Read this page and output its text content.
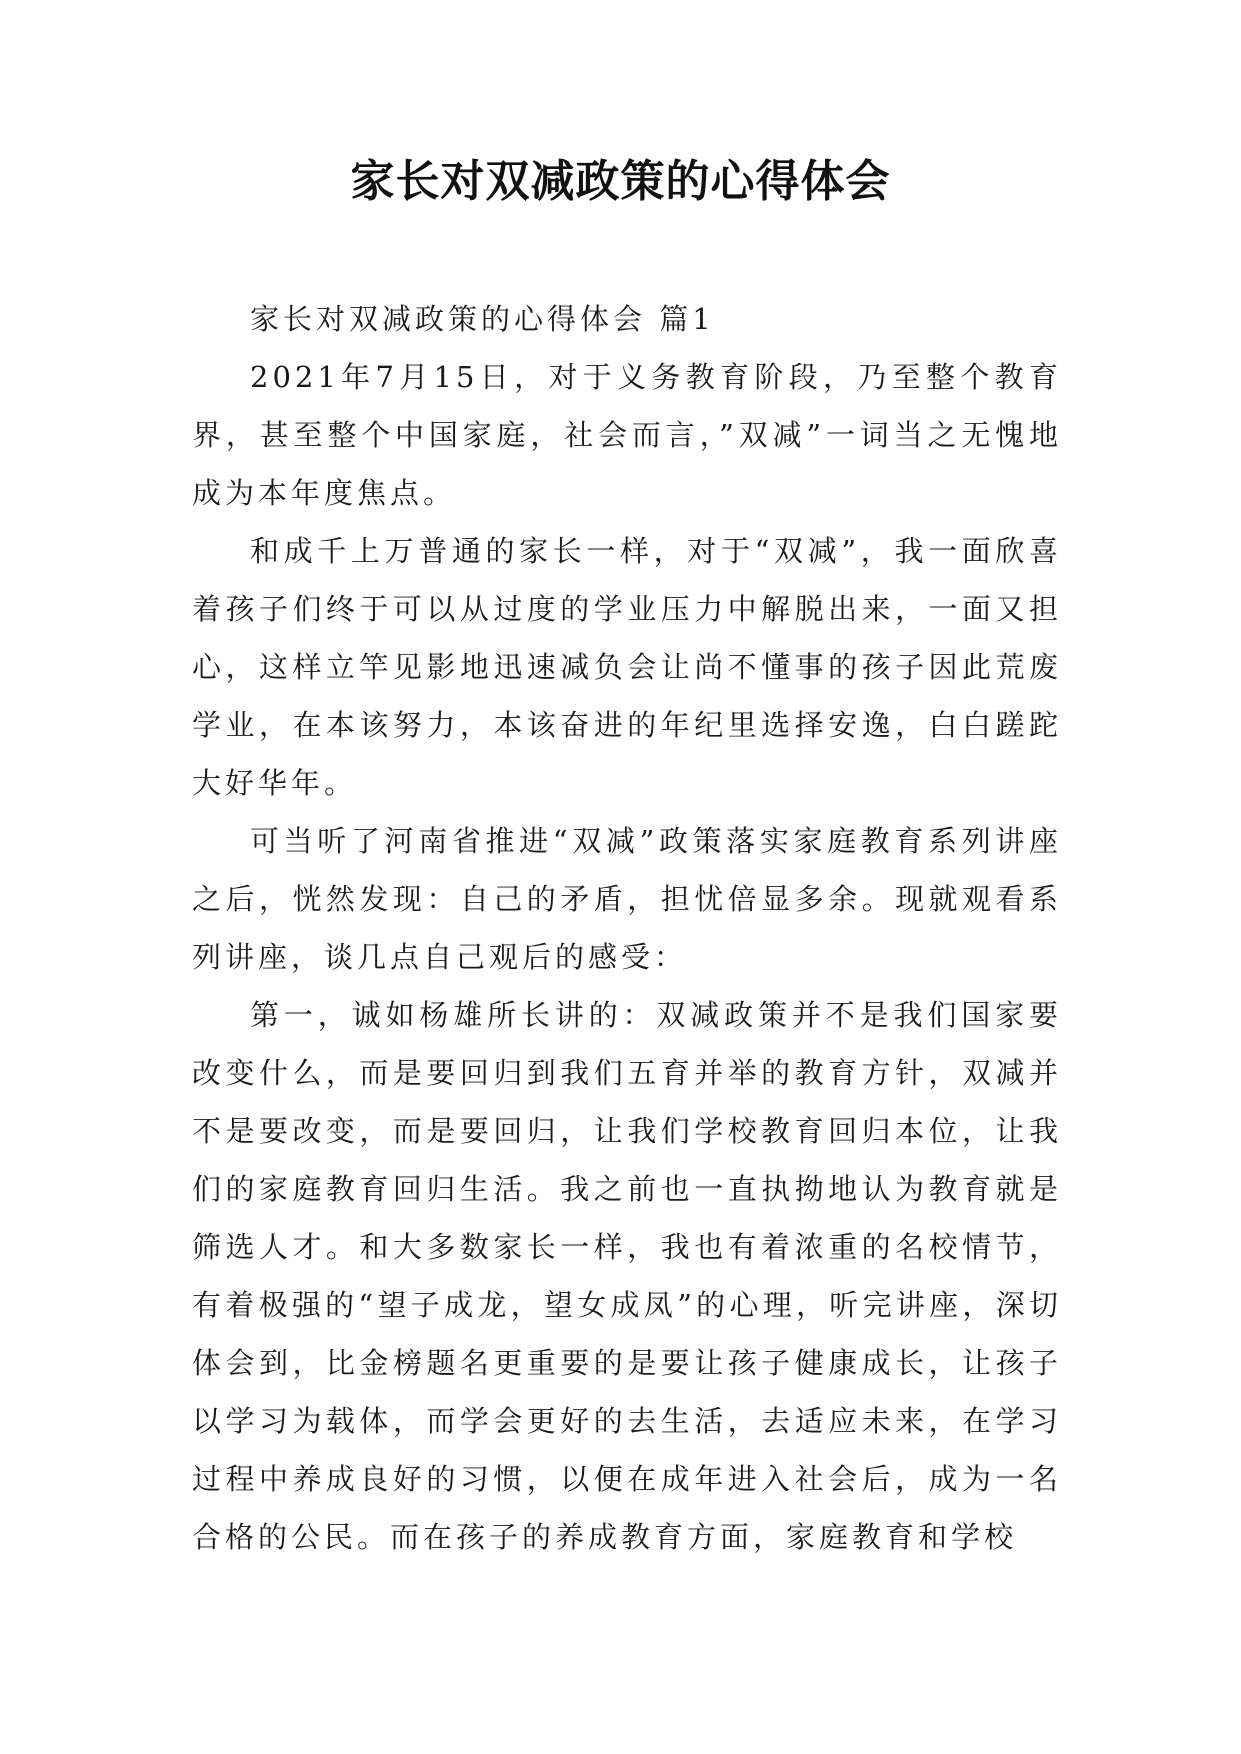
家长对双减政策的心得体会

家长对双减政策的心得体会 篇1

2021年7月15日，对于义务教育阶段，乃至整个教育界，甚至整个中国家庭，社会而言，”双减”一词当之无愧地成为本年度焦点。

和成千上万普通的家长一样，对于“双减”，我一面欣喜着孩子们终于可以从过度的学业压力中解脱出来，一面又担心，这样立竿见影地迅速减负会让尚不懂事的孩子因此荒废学业，在本该努力，本该奋进的年纪里选择安逸，白白蹉跎大好华年。

可当听了河南省推进“双减”政策落实家庭教育系列讲座之后，恍然发现：自己的矛盾，担忧倍显多余。现就观看系列讲座，谈几点自己观后的感受：

第一，诚如杨雄所长讲的：双减政策并不是我们国家要改变什么，而是要回归到我们五育并举的教育方针，双减并不是要改变，而是要回归，让我们学校教育回归本位，让我们的家庭教育回归生活。我之前也一直执拗地认为教育就是筛选人才。和大多数家长一样，我也有着浓重的名校情节，有着极强的“望子成龙，望女成凤”的心理，听完讲座，深切体会到，比金榜题名更重要的是要让孩子健康成长，让孩子以学习为载体，而学会更好的去生活，去适应未来，在学习过程中养成良好的习惯，以便在成年进入社会后，成为一名合格的公民。而在孩子的养成教育方面，家庭教育和学校
